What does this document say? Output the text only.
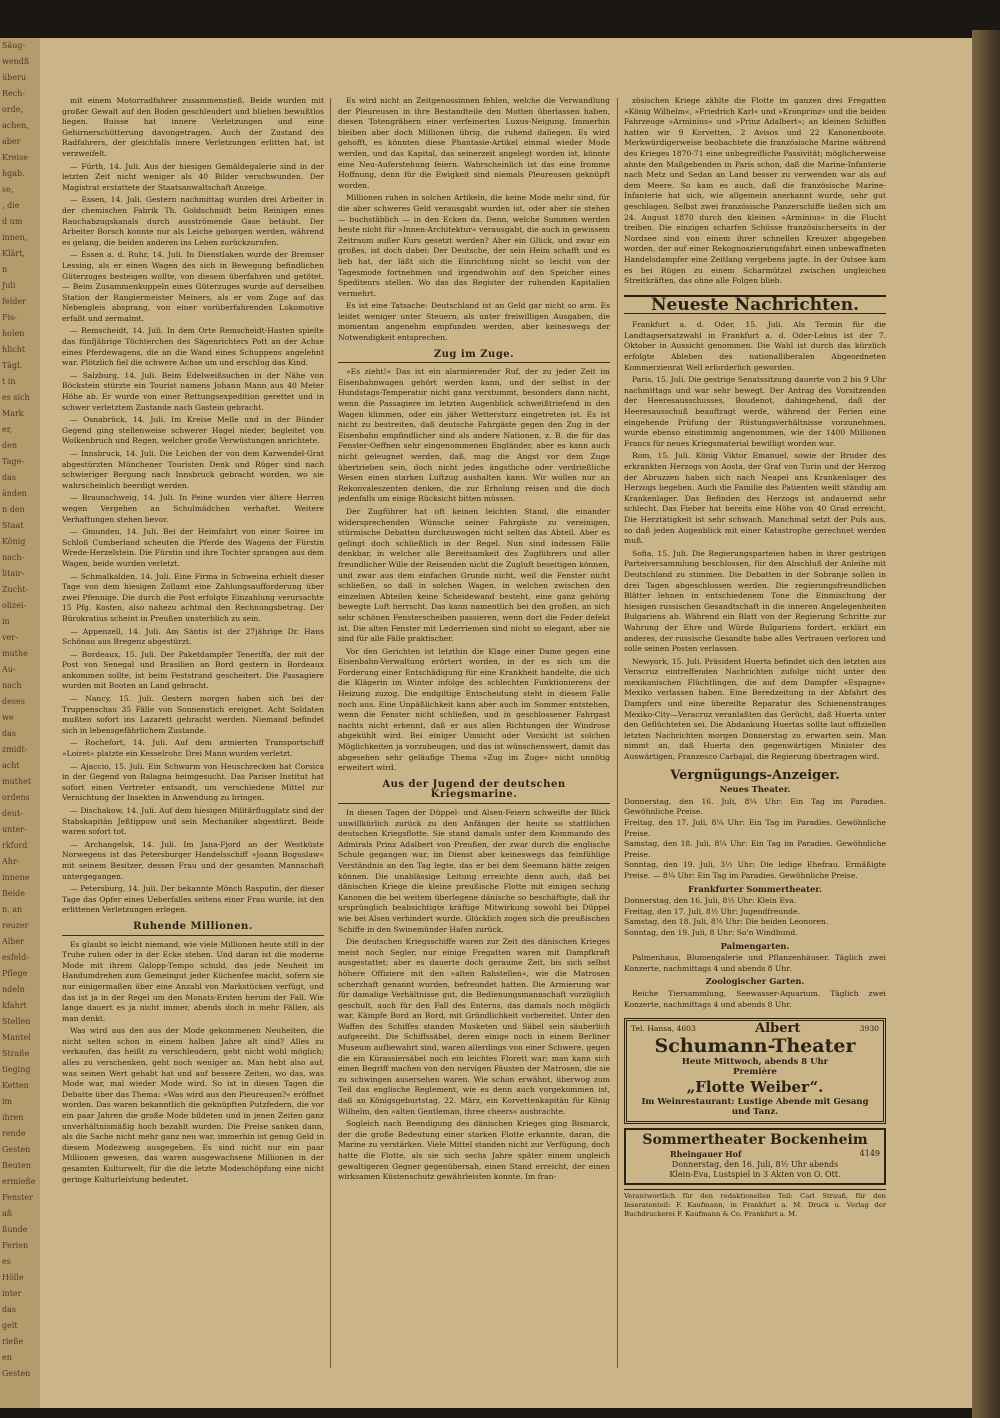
Säug-
wendß
überu
Rech-
orde,
achen,
aber
Kreise
hgab.
se,
, die
d um
innen,
Klärt,
n
Juli
felder
Fis-
holen
hlicht
Tägl.
t in
es sich
Mark
er,
den
Tage-
das
änden
n den
Staat
König
nach-
litair-
Zucht-
olizei-
in
ver-
muthe
Au-
nach
deses
we
das
zmidt-
acht
muthet
ordens
deut-
unter-
rkford
Ahr-
innene
Beide
n, an
reuzer
Alber
esfeld-
Pflege
ndeln
kfahrt
Stellen
Mantel
Straße
tieging
Ketten
im
ihren
rende
Gesten
Beuten
ermieße
Fenster
aß
ßunde
Ferien
es
Hölle
inter
das
gelt
rieße
en
Gesten

mit einem Motorradfahrer zusammenstieß. Beide wurden mit großer Gewalt auf den Boden geschleudert und blieben bewußtlos liegen. Buisse hat innere Verletzungen und eine Gehirnerschütterung davongetragen. Auch der Zustand des Radfahrers, der gleichfalls innere Verletzungen erlitten hat, ist verzweifelt.

— Fürth, 14. Juli. Aus der hiesigen Gemäldegalerie sind in der letzten Zeit nicht weniger als 40 Bilder verschwunden. Der Magistrat erstattete der Staatsanwaltschaft Anzeige.

— Essen, 14. Juli. Gestern nachmittag wurden drei Arbeiter in der chemischen Fabrik Th. Goldschmidt beim Reinigen eines Rauchabzugskanals durch ausströmende Gase betäubt. Der Arbeiter Borsch konnte nur als Leiche geborgen werden, während es gelang, die beiden anderen ins Leben zurückzurufen.

— Essen a. d. Ruhr, 14. Juli. In Dienstlaken wurde der Bremser Lessing, als er einen Wagen des sich in Bewegung befindlichen Güterzuges besteigen wollte, von diesem überfahren und getötet. — Beim Zusammenkuppeln eines Güterzuges wurde auf derselben Station der Rangiermeister Meiners, als er vom Zuge auf das Nebengleis absprang, von einer vorüberfahrenden Lokomotive erfaßt und zermalmt.

— Remscheidt, 14. Juli. In dem Orte Remscheidt-Hasten spielte das fünfjährige Töchterchen des Sägenrichters Pott an der Achse eines Pferdewagens, die an die Wand eines Schuppens angelehnt war. Plötzlich fiel die schwere Achse um und erschlug das Kind.

— Salzburg, 14. Juli. Beim Edelweißsuchen in der Nähe von Böckstein stürzte ein Tourist namens Johann Mann aus 40 Meter Höhe ab. Er wurde von einer Rettungsexpedition gerettet und in schwer verletztem Zustande nach Gastein gebracht.

— Osnabrück, 14. Juli. Im Kreise Melle und in der Bünder Gegend ging stellenweise schwerer Hagel nieder, begleitet von Wolkenbruch und Regen, welcher große Verwüstungen anrichtete.

— Innsbruck, 14. Juli. Die Leichen der von dem Karwendel-Grat abgestürzten Münchener Touristen Denk und Rüger sind nach schwieriger Bergung nach Innsbruck gebracht worden, wo sie wahrscheinlich beerdigt werden.

— Braunschweig, 14. Juli. In Peine wurden vier ältere Herren wegen Vergehen an Schulmädchen verhaftet. Weitere Verhaftungen stehen bevor.

— Gmunden, 14. Juli. Bei der Heimfahrt von einer Soiree im Schloß Cumberland scheuten die Pferde des Wagens der Fürstin Wrede-Herzelstein. Die Fürstin und ihre Tochter sprangen aus dem Wagen, beide wurden verletzt.

— Schmalkalden, 14. Juli. Eine Firma in Schweina erhielt dieser Tage von dem hiesigen Zollamt eine Zahlungsaufforderung über zwei Pfennige. Die durch die Post erfolgte Einzahlung verursachte 15 Pfg. Kosten, also nahezu achtmal den Rechnungsbetrag. Der Bürokratius scheint in Preußen unsterblich zu sein.

— Appenzell, 14. Juli. Am Säntis ist der 27jährige Dr. Hans Schönau aus Bregenz abgestürzt.

— Bordeaux, 15. Juli. Der Paketdampfer Teneriffa, der mit der Post von Senegal und Brasilien an Bord gestern in Bordeaux ankommen sollte, ist beim Feststrand gescheitert. Die Passagiere wurden mit Booten an Land gebracht.

— Nancy, 15. Juli. Gestern morgen haben sich bei der Truppenschau 35 Fälle von Sonnenstich ereignet. Acht Soldaten mußten sofort ins Lazarett gebracht werden. Niemand befindet sich in lebensgefährlichem Zustande.

— Rochefort, 14. Juli. Auf dem armierten Transportschiff »Loiret« platzte ein Kesselrohr. Drei Mann wurden verletzt.

— Ajaccio, 15. Juli. Ein Schwarm von Heuschrecken hat Corsica in der Gegend von Balagna heimgesucht. Das Pariser Institut hat sofort einen Vertreter entsandt, um verschiedene Mittel zur Vernichtung der Insekten in Anwendung zu bringen.

— Dischakow, 14. Juli. Auf dem hiesigen Militärflugplatz sind der Stabskapitän Jeßtippow und sein Mechaniker abgestürzt. Beide waren sofort tot.

— Archangelsk, 14. Juli. Im Jana-Fjord an der Westküste Norwegens ist das Petersburger Handelsschiff »Joann Boguslaw« mit seinem Besitzer, dessen Frau und der gesamten Mannschaft untergegangen.

— Petersburg, 14. Juli. Der bekannte Mönch Rasputin, der dieser Tage das Opfer eines Ueberfalles seitens einer Frau wurde, ist den erlittenen Verletzungen erlegen.

Ruhende Millionen.

Es glaubt so leicht niemand, wie viele Millionen heute still in der Truhe ruhen oder in der Ecke stehen. Und daran ist die moderne Mode mit ihrem Galopp-Tempo schuld, das jede Neuheit im Handumdrehen zum Gemeingut jeder Küchenfee macht, sofern sie nur einigermaßen über eine Anzahl von Markstücken verfügt, und das ist ja in der Regel um den Monats-Ersten herum der Fall. Wie lange dauert es ja nicht immer, abends doch in mehr Fällen, als man denkt.

Was wird aus den aus der Mode gekommenen Neuheiten, die nicht selten schon in einem halben Jahre alt sind? Alles zu verkaufen, das heißt zu verschleudern, geht nicht wohl möglich; alles zu verschenken, geht noch weniger an. Man hebt also auf, was seinen Wert gehabt hat und auf bessere Zeiten, wo das, was Mode war, mal wieder Mode wird. So ist in diesen Tagen die Debatte über das Thema: »Was wird aus den Pleureusen?« eröffnet worden. Das waren bekanntlich die geknüpften Putzfedern, die vor ein paar Jahren die große Mode bildeten und in jenen Zeiten ganz unverhältnismäßig hoch bezahlt wurden. Die Preise sanken dann, als die Sache nicht mehr ganz neu war, immerhin ist genug Geld in diesem Modezweig ausgegeben. Es sind nicht nur ein paar Millionen gewesen, das waren ausgewachsene Millionen in der gesamten Kulturwelt, für die die letzte Modeschöpfung eine nicht geringe Kulturleistung bedeutet.

Es wird nicht an Zeitgenossinnen fehlen, welche die Verwandlung der Pleureusen in ihre Bestandteile den Motten überlassen haben, diesen Totengräbern einer verfeinerten Luxus-Neigung. Immerhin bleiben aber doch Millionen übrig, die ruhend daliegen. Es wird gehofft, es könnten diese Phantasie-Artikel einmal wieder Mode werden, und das Kapital, das seinerzeit angelegt worden ist, könnte eine Neu-Auferstehung feiern. Wahrscheinlich ist das eine fromme Hoffnung, denn für die Ewigkeit sind niemals Pleureusen geknüpft worden.

Millionen ruhen in solchen Artikeln, die keine Mode mehr sind, für die aber schweres Geld verausgabt wurden ist, oder aber sie stehen — buchstäblich — in den Ecken da. Denn, welche Summen werden heute nicht für »Innen-Architektur« verausgabt, die auch in gewissem Zeitraum außer Kurs gesetzt werden? Aber ein Glück, und zwar ein großes, ist doch dabei: Der Deutsche, der sein Heim schafft und es lieb hat, der läßt sich die Einrichtung nicht so leicht von der Tagesmode fortnehmen und irgendwohin auf den Speicher eines Spediteurs stellen. Wo das das Register der ruhenden Kapitalien vermehrt.

Es ist eine Tatsache: Deutschland ist an Geld gar nicht so arm. Es leidet weniger unter Steuern, als unter freiwilligen Ausgaben, die momentan angenehm empfunden werden, aber keineswegs der Notwendigkeit entsprechen.

Zug im Zuge.

»Es zieht!« Das ist ein alarmierender Ruf, der zu jeder Zeit im Eisenbahnwagen gehört werden kann, und der selbst in der Hundstags-Temperatur nicht ganz verstummt, besonders dann nicht, wenn die Passagiere im letzten Augenblick schweißtriefend in den Wagen klimmen, oder ein jäher Wettersturz eingetreten ist. Es ist nicht zu bestreiten, daß deutsche Fahrgäste gegen den Zug in der Eisenbahn empfindlicher sind als andere Nationen, z. B. die für das Fenster-Oeffnen sehr eingenommenen Engländer, aber es kann auch nicht geleugnet werden, daß, mag die Angst vor dem Zuge übertrieben sein, doch nicht jedes ängstliche oder verdrießliche Wesen einen starken Luftzug aushalten kann. Wir wollen nur an Rekonvaleszenten denken, die zur Erholung reisen und die doch jedenfalls um einige Rücksicht bitten müssen.

Der Zugführer hat oft keinen leichten Stand, die einander widersprechenden Wünsche seiner Fahrgäste zu vereinigen, stürmische Debatten durchzuwogen nicht selten das Abteil. Aber es gelingt doch schließlich in der Regel. Nun sind indessen Fälle denkbar, in welcher alle Bereitsamkeit des Zugführers und aller freundlicher Wille der Reisenden nicht die Zugluft beseitigen können, und zwar aus dem einfachen Grunde nicht, weil die Fenster nicht schließen, so daß in solchen Wagen, in welchen zwischen den einzelnen Abteilen keine Scheidewand besteht, eine ganz gehörig bewegte Luft herrscht. Das kann namentlich bei den großen, an sich sehr schönen Fensterscheiben passieren, wenn dort die Feder defekt ist. Die alten Fenster mit Lederriemen sind nicht so elegant, aber sie sind für alle Fälle praktischer.

Vor den Gerichten ist letzthin die Klage einer Dame gegen eine Eisenbahn-Verwaltung erörtert worden, in der es sich um die Forderung einer Entschädigung für eine Krankheit handelte, die sich die Klägerin im Winter infolge des schlechten Funktionierens der Heizung zuzog. Die endgiltige Entscheidung steht in diesem Falle noch aus. Eine Unpäßlichkeit kann aber auch im Sommer entstehen, wenn die Fenster nicht schließen, und in geschlossener Fahrgast nachts nicht erkennt, daß er aus allen Richtungen der Windrose abgekühlt wird. Bei einiger Umsicht oder Vorsicht ist solchen Möglichkeiten ja vorzubeugen, und das ist wünschenswert, damit das abgesehen sehr geläufige Thema »Zug im Zuge« nicht unnötig erweitert wird.

Aus der Jugend der deutschen Kriegsmarine.

In diesen Tagen der Düppel- und Alsen-Feiern schweifte der Blick unwillkürlich zurück zu den Anfängen der heute so stattlichen deutschen Kriegsflotte. Sie stand damals unter dem Kommando des Admirals Prinz Adalbert von Preußen, der zwar durch die englische Schule gegangen war, im Dienst aber keineswegs das feinfühlige Verständnis an den Tag legte, das er bei dem Seemann hätte zeigen können. Die unablässige Leitung erreichte denn auch, daß bei dänischen Kriege die kleine preußische Flotte mit einigen sechzig Kanonen die bei weitem überlegene dänische so beschäftigte, daß ihr ursprünglich beabsichtigte kräftige Mitwirkung sowohl bei Düppel wie bei Alsen verhindert wurde. Glücklich zogen sich die preußischen Schiffe in den Swinemünder Hafen zurück.

Die deutschen Kriegsschiffe waren zur Zeit des dänischen Krieges meist noch Segler, nur einige Fregatten waren mit Dampfkraft ausgestattet; aber es dauerte doch geraume Zeit, bis sich selbst höhere Offiziere mit den »alten Rahstellen«, wie die Matrosen scherzhaft genannt wurden, befreundet hatten. Die Armierung war für damalige Verhältnisse gut, die Bedienungsmannschaft vorzüglich geschult, auch für den Fall des Enterns, das damals noch möglich war, Kämpfe Bord an Bord, mit Gründlichkeit vorbereitet. Unter den Waffen des Schiffes standen Musketen und Säbel sein säuberlich aufgereiht. Die Schiffssäbel, deren einige noch in einem Berliner Museum aufbewahrt sind, waren allerdings von einer Schwere, gegen die ein Kürassiersäbel noch ein leichtes Florett war; man kann sich einen Begriff machen von den nervigen Fäusten der Matrosen, die sie zu schwingen ausersehen waren. Wie schon erwähnt, überwog zum Teil das englische Reglement, wie es denn auch vorgekommen ist, daß an Königsgeburtstag, 22. März, ein Korvettenkapitän für König Wilhelm, den »alten Gentleman, three cheers« ausbrachte.

Sogleich nach Beendigung des dänischen Krieges ging Bismarck, der die große Bedeutung einer starken Flotte erkannte, daran, die Marine zu verstärken. Viele Mittel standen nicht zur Verfügung, doch hatte die Flotte, als sie sich sechs Jahre später einem ungleich gewaltigeren Gegner gegenübersah, einen Stand erreicht, der einen wirksamen Küstenschutz gewährleisten konnte. Im fran-

zösischen Kriege zählte die Flotte im ganzen drei Fregatten »König Wilhelm«, »Friedrich Karl« und »Kronprinz« und die beiden Fahrzeuge »Arminius« und »Prinz Adalbert«; an kleinen Schiffen hatten wir 9 Korvetten, 2 Avisos und 22 Kanonenboote. Merkwürdigerweise beobachtete die französische Marine während des Krieges 1870-71 eine unbegreifliche Passivität; möglicherweise ahnte den Maßgebenden in Paris schon, daß die Marine-Infanterie nach Metz und Sedan an Land besser zu verwenden war als auf dem Meere. So kam es auch, daß die französische Marine-Infanterie hat sich, wie allgemein anerkannt wurde, sehr gut geschlagen. Selbst zwei französische Panzerschiffe ließen sich am 24. August 1870 durch den kleinen »Arminius« in die Flucht treiben. Die einzigen scharfen Schüsse französischerseits in der Nordsee sind von einem ihrer schnellen Kreuzer abgegeben worden, der auf einer Rekognoszierungsfahrt einen unbewaffneten Handelsdampfer eine Zeitlang vergebens jagte. In der Ostsee kam es bei Rügen zu einem Scharmützel zwischen ungleichen Streitkräften, das ohne alle Folgen blieb.

Neueste Nachrichten.

Frankfurt a. d. Oder, 15. Juli. Als Termin für die Landtagsersatzwahl in Frankfurt a. d. Oder-Lebus ist der 7. Oktober in Aussicht genommen. Die Wahl ist durch das kürzlich erfolgte Ableben des nationalliberalen Abgeordneten Kommerzienrat Well erforderlich geworden.

Paris, 15. Juli. Die gestrige Senatssitzung dauerte von 2 bis 9 Uhr nachmittags und war sehr bewegt. Der Antrag des Vorsitzenden der Heeresausschusses, Boudenot, dahingehend, daß der Heeresausschuß beauftragt werde, während der Ferien eine eingehende Prüfung der Rüstungsverhältnisse vorzunehmen, wurde ebenso einstimmig angenommen, wie der 1400 Millionen Francs für neues Kriegsmaterial bewilligt worden war.

Rom, 15. Juli. König Viktor Emanuel, sowie der Bruder des erkrankten Herzogs von Aosta, der Graf von Turin und der Herzog der Abruzzen haben sich nach Neapel ans Krankenlager des Herzogs begeben. Auch die Familie des Patienten weilt ständig am Krankenlager. Das Befinden des Herzogs ist andauernd sehr schlecht. Das Fieber hat bereits eine Höhe von 40 Grad erreicht. Die Herztätigkeit ist sehr schwach. Manchmal setzt der Puls aus, so daß jeden Augenblick mit einer Katastrophe gerechnet werden muß.

Sofia, 15. Juli. Die Regierungsparteien haben in ihrer gestrigen Parteiversammlung beschlossen, für den Abschluß der Anleihe mit Deutschland zu stimmen. Die Debatten in der Sobranje sollen in drei Tagen abgeschlossen werden. Die regierungsfreundlichen Blätter lehnen in entschiedenem Tone die Einmischung der hiesigen russischen Gesandtschaft in die inneren Angelegenheiten Bulgariens ab. Während ein Blatt von der Regierung Schritte zur Wahrung der Ehre und Würde Bulgariens fordert, erklärt ein anderes, der russische Gesandte habe alles Vertrauen verloren und solle seinen Posten verlassen.

Newyork, 15. Juli. Präsident Huerta befindet sich den letzten aus Veracruz eintreffenden Nachrichten zufolge nicht unter den mexikanischen Flüchtlingen, die auf dem Dampfer »Espagne« Mexiko verlassen haben. Eine Beredzeitung in der Abfahrt des Dampfers und eine übereilte Reparatur des Schienenstranges Mexiko-City—Veracruz veranlaßten das Gerücht, daß Huerta unter den Geflüchteten sei. Die Abdankung Huertas sollte laut offiziellen letzten Nachrichten morgen Donnerstag zu erwarten sein. Man nimmt an, daß Huerta den gegenwärtigen Minister des Auswärtigen, Franzesco Carbajal, die Regierung übertragen wird.

Vergnügungs-Anzeiger.
Neues Theater.
Donnerstag, den 16. Juli, 8¼ Uhr: Ein Tag im Paradies. Gewöhnliche Preise.
Freitag, den 17. Juli, 8¼ Uhr: Ein Tag im Paradies. Gewöhnliche Preise.
Samstag, den 18. Juli, 8¼ Uhr: Ein Tag im Paradies. Gewöhnliche Preise.
Sonntag, den 19. Juli, 3½ Uhr: Die ledige Ehefrau. Ermäßigte Preise. — 8¼ Uhr: Ein Tag im Paradies. Gewöhnliche Preise.
Frankfurter Sommertheater.
Donnerstag, den 16. Juli, 8½ Uhr: Klein Eva.
Freitag, den 17. Juli, 8½ Uhr: Jugendfreunde.
Samstag, den 18. Juli, 8½ Uhr: Die beiden Leonoren.
Sonntag, den 19. Juli, 8 Uhr: So'n Windhund.
Palmengarten.

Palmenhaus, Blumengalerie und Pflanzenhäuser. Täglich zwei Konzerte, nachmittags 4 und abends 8 Uhr.

Zoologischer Garten.

Reiche Tiersammlung, Seewasser-Aquarium. Täglich zwei Konzerte, nachmittags 4 und abends 8 Uhr.

Tel. Hansa, 4603	Albert	3930
Schumann-Theater
Heute Mittwoch, abends 8 Uhr
Première
„Flotte Weiber“.
Im Weinrestaurant: Lustige Abende mit Gesang und Tanz.
Sommertheater Bockenheim
Rheingauer Hof	4149
Donnerstag, den 16. Juli, 8½ Uhr abends
Klein-Eva, Lustspiel in 3 Akten von O. Ott.
Verantwortlich für den redaktionellen Teil: Carl Strauß, für den Inseratenteil: F. Kaufmann, in Frankfurt a. M. Druck u. Verlag der Buchdruckerei F. Kaufmann & Co. Frankfurt a. M.
